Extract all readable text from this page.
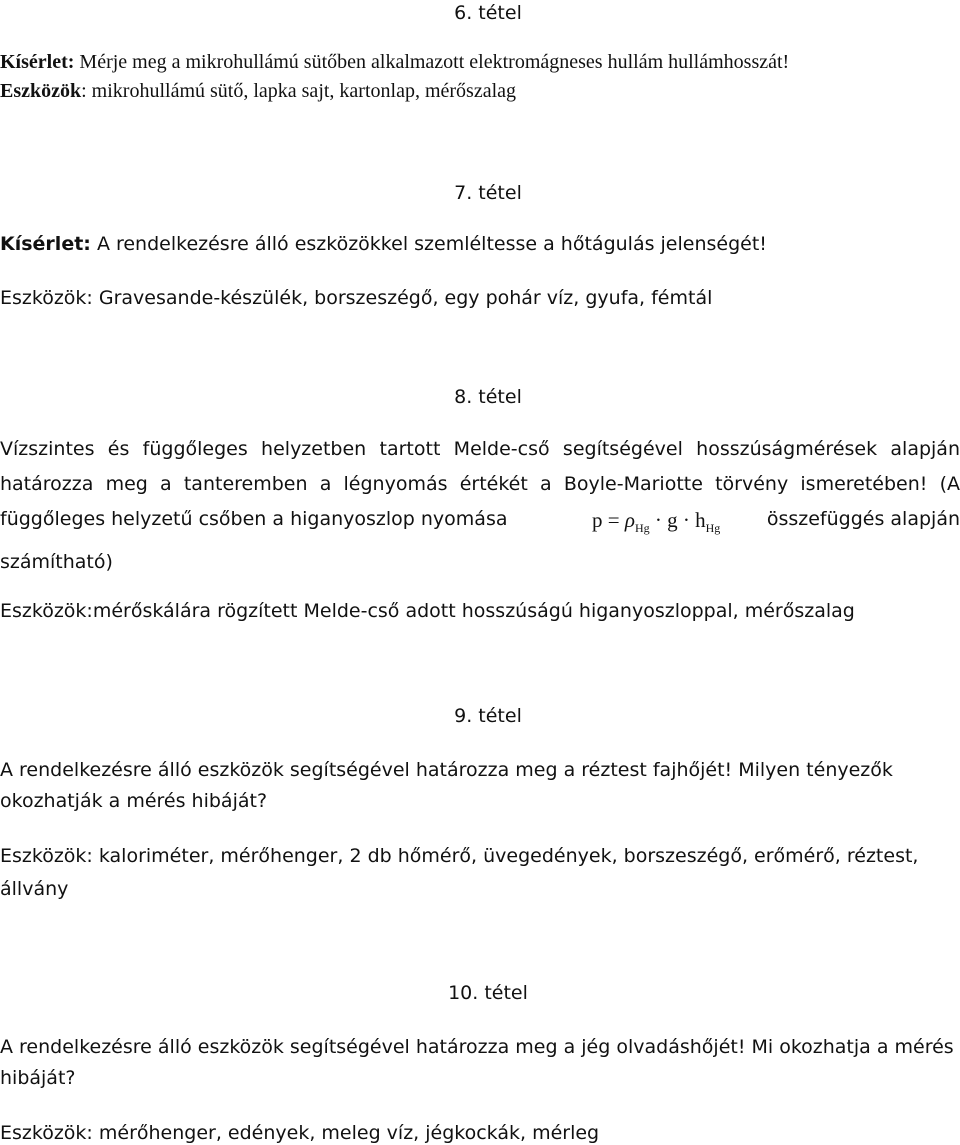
6. tétel
Kísérlet: Mérje meg a mikrohullámú sütőben alkalmazott elektromágneses hullám hullámhosszát!
Eszközök: mikrohullámú sütő, lapka sajt, kartonlap, mérőszalag
7. tétel
Kísérlet: A rendelkezésre álló eszközökkel szemléltesse a hőtágulás jelenségét!
Eszközök: Gravesande-készülék, borszeszégő, egy pohár víz, gyufa, fémtál
8. tétel
Vízszintes és függőleges helyzetben tartott Melde-cső segítségével hosszúságmérések alapján
határozza meg a tanteremben a légnyomás értékét a Boyle-Mariotte törvény ismeretében! (A
függőleges helyzetű csőben a higanyoszlop nyomása	$p = \rho_{Hg} \cdot g \cdot h_{Hg}$ összefüggés alapján
számítható)
Eszközök:mérőskálára rögzített Melde-cső adott hosszúságú higanyoszloppal, mérőszalag
9. tétel
A rendelkezésre álló eszközök segítségével határozza meg a réztest fajhőjét! Milyen tényezők
okozhatják a mérés hibáját?
Eszközök: kaloriméter, mérőhenger, 2 db hőmérő, üvegedények, borszeszégő, erőmérő, réztest,
állvány
10. tétel
A rendelkezésre álló eszközök segítségével határozza meg a jég olvadáshőjét! Mi okozhatja a mérés
hibáját?
Eszközök: mérőhenger, edények, meleg víz, jégkockák, mérleg
